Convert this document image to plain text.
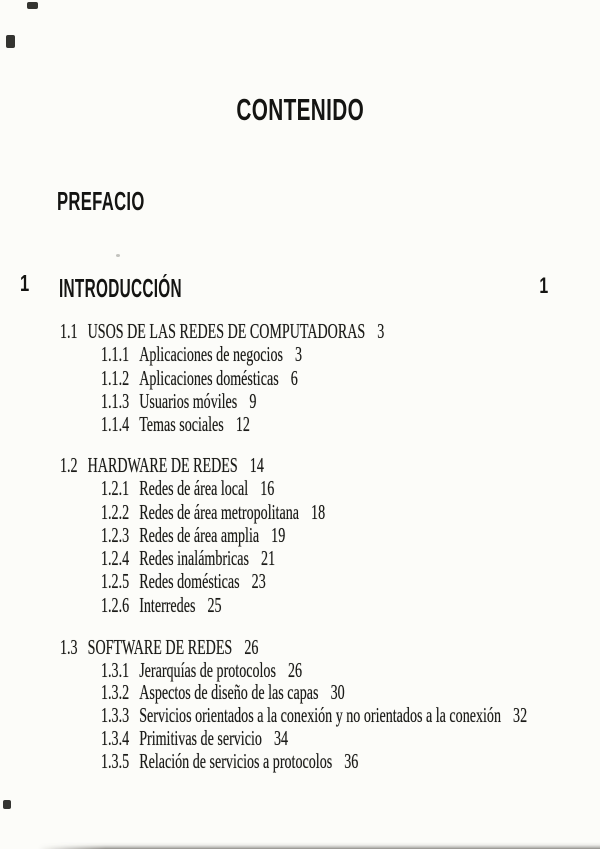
CONTENIDO
PREFACIO
1 INTRODUCCIÓN	1
1.1 USOS DE LAS REDES DE COMPUTADORAS 3
1.1.1 Aplicaciones de negocios 3
1.1.2 Aplicaciones domésticas 6
1.1.3 Usuarios móviles 9
1.1.4 Temas sociales 12
1.2 HARDWARE DE REDES 14
1.2.1 Redes de área local 16
1.2.2 Redes de área metropolitana 18
1.2.3 Redes de área amplia 19
1.2.4 Redes inalámbricas 21
1.2.5 Redes domésticas 23
1.2.6 Interredes 25
1.3 SOFTWARE DE REDES 26
1.3.1 Jerarquías de protocolos 26
1.3.2 Aspectos de diseño de las capas 30
1.3.3 Servicios orientados a la conexión y no orientados a la conexión 32
1.3.4 Primitivas de servicio 34
1.3.5 Relación de servicios a protocolos 36
